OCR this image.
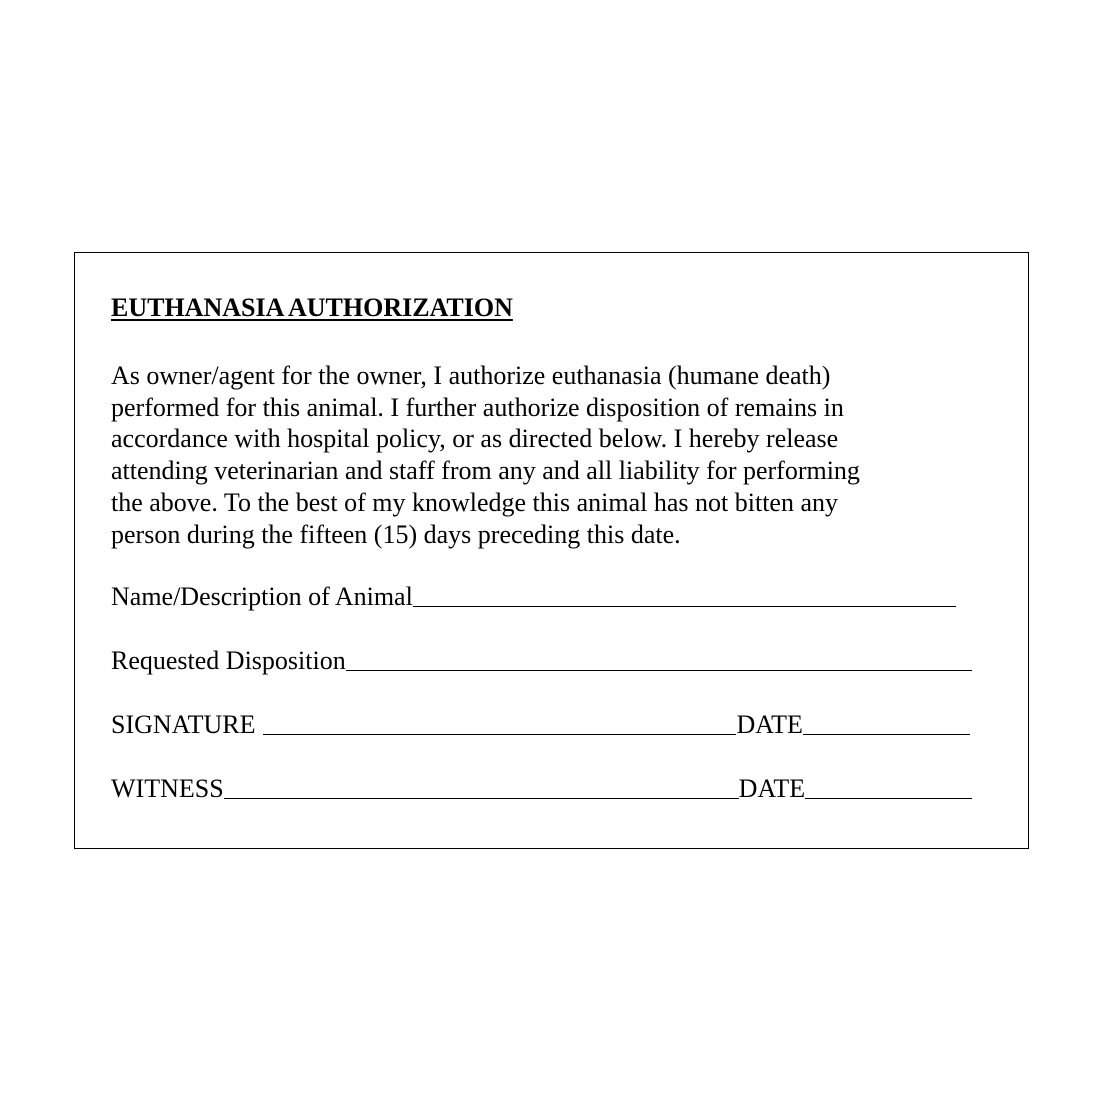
EUTHANASIA AUTHORIZATION

As owner/agent for the owner, I authorize euthanasia (humane death)
performed for this animal. I further authorize disposition of remains in
accordance with hospital policy, or as directed below. I hereby release
attending veterinarian and staff from any and all liability for performing
the above. To the best of my knowledge this animal has not bitten any
person during the fifteen (15) days preceding this date.

Name/Description of Animal
Requested Disposition
SIGNATURE	DATE
WITNESS	DATE
